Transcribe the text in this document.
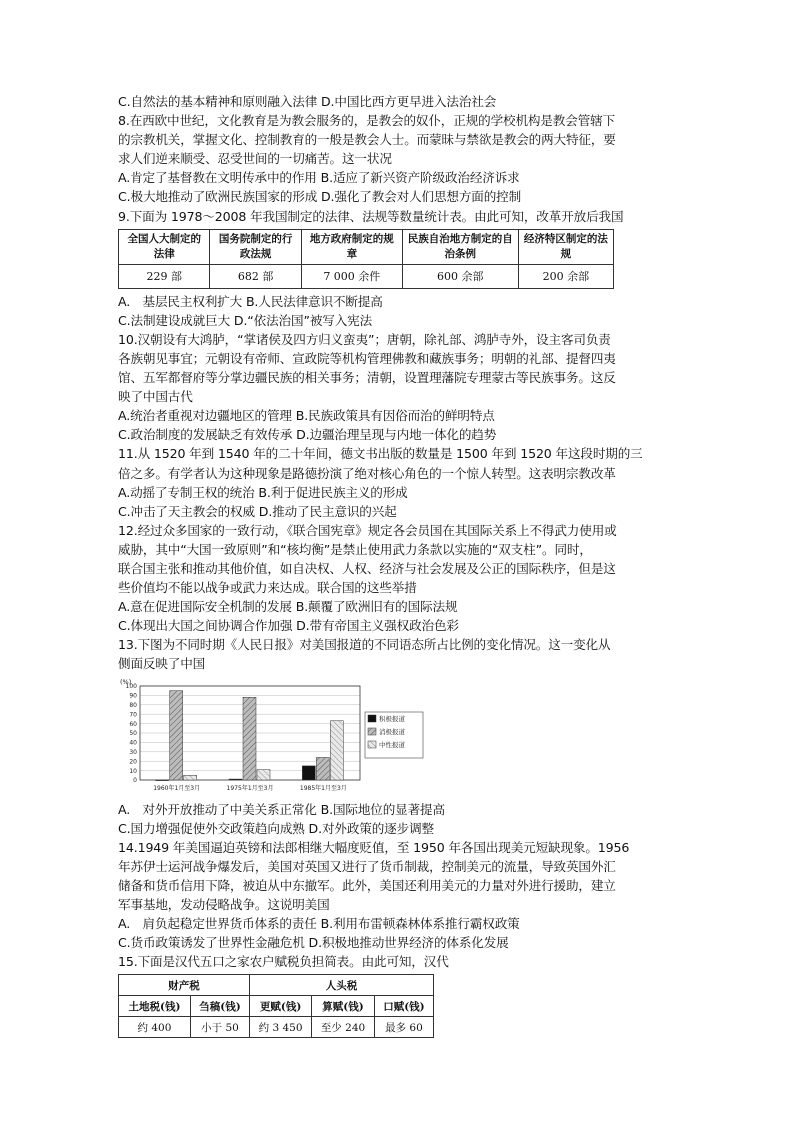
C.自然法的基本精神和原则融入法律 D.中国比西方更早进入法治社会
8.在西欧中世纪，文化教育是为教会服务的，是教会的奴仆，正规的学校机构是教会管辖下
的宗教机关，掌握文化、控制教育的一般是教会人士。而蒙昧与禁欲是教会的两大特征，要
求人们逆来顺受、忍受世间的一切痛苦。这一状况
A.肯定了基督教在文明传承中的作用 B.适应了新兴资产阶级政治经济诉求
C.极大地推动了欧洲民族国家的形成 D.强化了教会对人们思想方面的控制
9.下面为 1978～2008 年我国制定的法律、法规等数量统计表。由此可知，改革开放后我国
全国人大制定的法律	国务院制定的行政法规	地方政府制定的规章	民族自治地方制定的自治条例	经济特区制定的法规
229 部	682 部	7 000 余件	600 余部	200 余部
A.　基层民主权利扩大 B.人民法律意识不断提高
C.法制建设成就巨大 D.“依法治国”被写入宪法
10.汉朝设有大鸿胪，“掌诸侯及四方归义蛮夷”；唐朝，除礼部、鸿胪寺外，设主客司负责
各族朝见事宜；元朝设有帝师、宣政院等机构管理佛教和藏族事务；明朝的礼部、提督四夷
馆、五军都督府等分掌边疆民族的相关事务；清朝，设置理藩院专理蒙古等民族事务。这反
映了中国古代
A.统治者重视对边疆地区的管理 B.民族政策具有因俗而治的鲜明特点
C.政治制度的发展缺乏有效传承 D.边疆治理呈现与内地一体化的趋势
11.从 1520 年到 1540 年的二十年间，德文书出版的数量是 1500 年到 1520 年这段时期的三
倍之多。有学者认为这种现象是路德扮演了绝对核心角色的一个惊人转型。这表明宗教改革
A.动摇了专制王权的统治 B.利于促进民族主义的形成
C.冲击了天主教会的权威 D.推动了民主意识的兴起
12.经过众多国家的一致行动，《联合国宪章》规定各会员国在其国际关系上不得武力使用或
威胁，其中“大国一致原则”和“核均衡”是禁止使用武力条款以实施的“双支柱”。同时，
联合国主张和推动其他价值，如自决权、人权、经济与社会发展及公正的国际秩序，但是这
些价值均不能以战争或武力来达成。联合国的这些举措
A.意在促进国际安全机制的发展 B.颠覆了欧洲旧有的国际法规
C.体现出大国之间协调合作加强 D.带有帝国主义强权政治色彩
13.下图为不同时期《人民日报》对美国报道的不同语态所占比例的变化情况。这一变化从
侧面反映了中国
(%)
0
10
20
30
40
50
60
70
80
90
100
1960年1月至3月	1975年1月至3月	1985年1月至3月
积极报道
消极报道
中性报道
A.　对外开放推动了中美关系正常化 B.国际地位的显著提高
C.国力增强促使外交政策趋向成熟 D.对外政策的逐步调整
14.1949 年美国逼迫英镑和法郎相继大幅度贬值，至 1950 年各国出现美元短缺现象。1956
年苏伊士运河战争爆发后，美国对英国又进行了货币制裁，控制美元的流量，导致英国外汇
储备和货币信用下降，被迫从中东撤军。此外，美国还利用美元的力量对外进行援助，建立
军事基地，发动侵略战争。这说明美国
A.　肩负起稳定世界货币体系的责任 B.利用布雷顿森林体系推行霸权政策
C.货币政策诱发了世界性金融危机 D.积极地推动世界经济的体系化发展
15.下面是汉代五口之家农户赋税负担简表。由此可知，汉代
财产税		人头税		
土地税(钱)	刍稿(钱)	更赋(钱)	算赋(钱)	口赋(钱)
约 400	小于 50	约 3 450	至少 240	最多 60
